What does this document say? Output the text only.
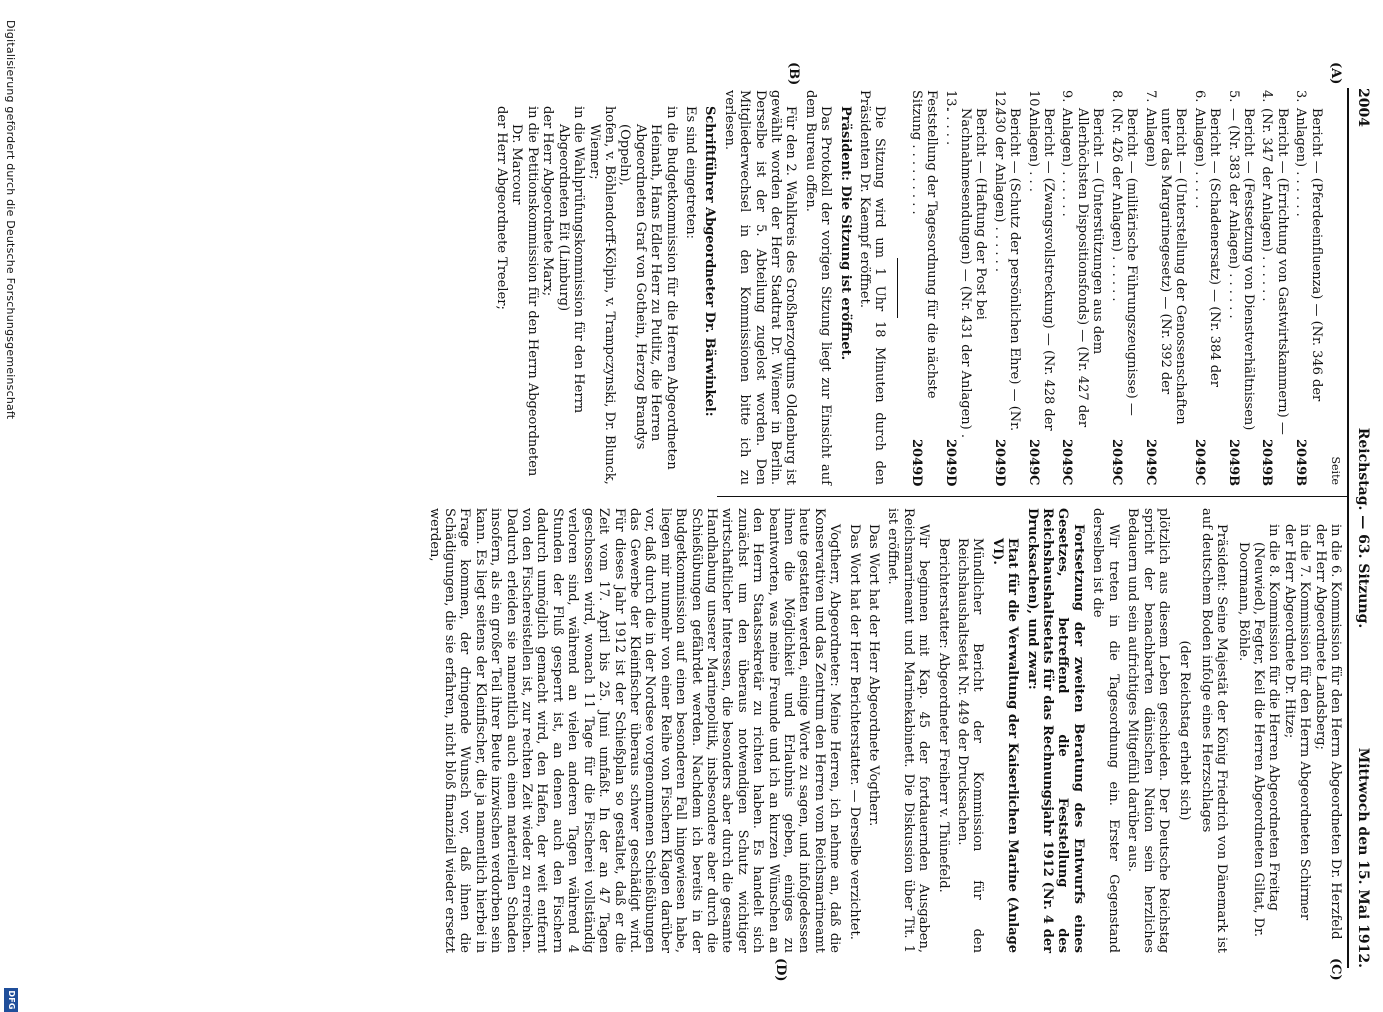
2004
Reichstag. — 63. Sitzung.
Mittwoch den 15. Mai 1912.
(A)
(B)
(C)
(D)
Seite
3.
Bericht — (Pferdeeinfluenza) — (Nr. 346 der Anlagen) . . . . . .
2049B
4.
Bericht — (Errichtung von Gastwirtskammern) — (Nr. 347 der Anlagen) . . . . . .
2049B
5.
Bericht — (Festsetzung von Dienstverhältnissen) — (Nr. 383 der Anlagen) . . . . . .
2049B
6.
Bericht — (Schadenersatz) — (Nr. 384 der Anlagen) . . . . .
2049C
7.
Bericht — (Unterstellung der Genossenschaften unter das Margarinegesetz) — (Nr. 392 der Anlagen)
2049C
8.
Bericht — (militärische Führungszeugnisse) — (Nr. 426 der Anlagen) . . . . . .
2049C
9.
Bericht — (Unterstützungen aus dem Allerhöchsten Dispositionsfonds) — (Nr. 427 der Anlagen) . . . . . .
2049C
10.
Bericht — (Zwangsvollstreckung) — (Nr. 428 der Anlagen) . . .
2049C
12.
Bericht — (Schutz der persönlichen Ehre) — (Nr. 430 der Anlagen) . . . . . .
2049D
13.
Bericht — (Haftung der Post bei Nachnahmesendungen) — (Nr. 431 der Anlagen) . . . . . .
2049D
Feststellung der Tagesordnung für die nächste Sitzung . . . . . . . . .
2049D

Die Sitzung wird um 1 Uhr 18 Minuten durch den Präsidenten Dr. Kaempf eröffnet.

Präsident: Die Sitzung ist eröffnet.

Das Protokoll der vorigen Sitzung liegt zur Einsicht auf dem Bureau offen.

Für den 2. Wahlkreis des Großherzogtums Oldenburg ist gewählt worden der Herr Stadtrat Dr. Wiemer in Berlin. Derselbe ist der 5. Abteilung zugelost worden. Den Mitgliederwechsel in den Kommissionen bitte ich zu verlesen.

Schriftführer Abgeordneter Dr. Bärwinkel:

Es sind eingetreten:

in die Budgetkommission für die Herren Abgeordneten Heinath, Hans Edler Herr zu Putlitz, die Herren Abgeordneten Graf von Gothein, Herzog Brandys (Oppeln),

hofen, v. Böhlendorff-Kölpin, v. Trampczynski, Dr. Blunck, Wiemer;

in die Wahlprüfungskommission für den Herrn Abgeordneten Eit (Limburg)

der Herr Abgeordnete Marx;

in die Petitionskommission für den Herrn Abgeordneten Dr. Marcour

der Herr Abgeordnete Treeler;

in die 6. Kommission für den Herrn Abgeordneten Dr. Herzfeld

der Herr Abgeordnete Landsberg;

in die 7. Kommission für den Herrn Abgeordneten Schirmer

der Herr Abgeordnete Dr. Hitze;

in die 8. Kommission für die Herren Abgeordneten Freitag (Neuwied), Fegter, Keil die Herren Abgeordneten Giltat, Dr. Doormann, Böhle.

Präsident: Seine Majestät der König Friedrich von Dänemark ist auf deutschem Boden infolge eines Herzschlages

(der Reichstag erhebt sich)

plötzlich aus diesem Leben geschieden. Der Deutsche Reichstag spricht der benachbarten dänischen Nation sein herzliches Bedauern und sein aufrichtiges Mitgefühl darüber aus.

Wir treten in die Tagesordnung ein. Erster Gegenstand derselben ist die

Fortsetzung der zweiten Beratung des Entwurfs eines Gesetzes, betreffend die Feststellung des Reichshaushaltsetats für das Rechnungsjahr 1912 (Nr. 4 der Drucksachen), und zwar:

Etat für die Verwaltung der Kaiserlichen Marine (Anlage VI).

Mündlicher Bericht der Kommission für den Reichshaushaltsetat Nr. 449 der Drucksachen.

Berichterstatter: Abgeordneter Freiherr v. Thünefeld.

Wir beginnen mit Kap. 45 der fortdauernden Ausgaben, Reichsmarineamt und Marinekabinett. Die Diskussion über Tit. 1 ist eröffnet.

Das Wort hat der Herr Abgeordnete Vogtherr.

Das Wort hat der Herr Berichterstatter. — Derselbe verzichtet.

Vogtherr, Abgeordneter: Meine Herren, ich nehme an, daß die Konservativen und das Zentrum den Herren vom Reichsmarineamt heute gestatten werden, einige Worte zu sagen, und infolgedessen ihnen die Möglichkeit und Erlaubnis geben, einiges zu beantworten, was meine Freunde und ich an kurzen Wünschen an den Herrn Staatssekretär zu richten haben. Es handelt sich zunächst um den überaus notwendigen Schutz wichtiger wirtschaftlicher Interessen, die besonders aber durch die gesamte Handhabung unserer Marinepolitik, insbesondere aber durch die Schießübungen gefährdet werden. Nachdem ich bereits in der Budgetkommission auf einen besonderen Fall hingewiesen habe, liegen mir nunmehr von einer Reihe von Fischern Klagen darüber vor, daß durch die in der Nordsee vorgenommenen Schießübungen das Gewerbe der Kleinfischer überaus schwer geschädigt wird. Für dieses Jahr 1912 ist der Schießplan so gestaltet, daß er die Zeit vom 17. April bis 25. Juni umfaßt. In der an 47 Tagen geschossen wird, wonach 11 Tage für die Fischerei vollständig verloren sind, während an vielen anderen Tagen während 4 Stunden der Fluß gesperrt ist, an denen auch den Fischern dadurch unmöglich gemacht wird, den Hafen, der weit entfernt von den Fischereistellen ist, zur rechten Zeit wieder zu erreichen. Dadurch erleiden sie namentlich auch einen materiellen Schaden insofern, als ein großer Teil ihrer Beute inzwischen verdorben sein kann. Es liegt seitens der Kleinfischer, die ja namentlich hierbei in Frage kommen, der dringende Wunsch vor, daß ihnen die Schädigungen, die sie erfahren, nicht bloß finanziell wieder ersetzt werden,

Digitalisierung gefördert durch die Deutsche Forschungsgemeinschaft
DFG
